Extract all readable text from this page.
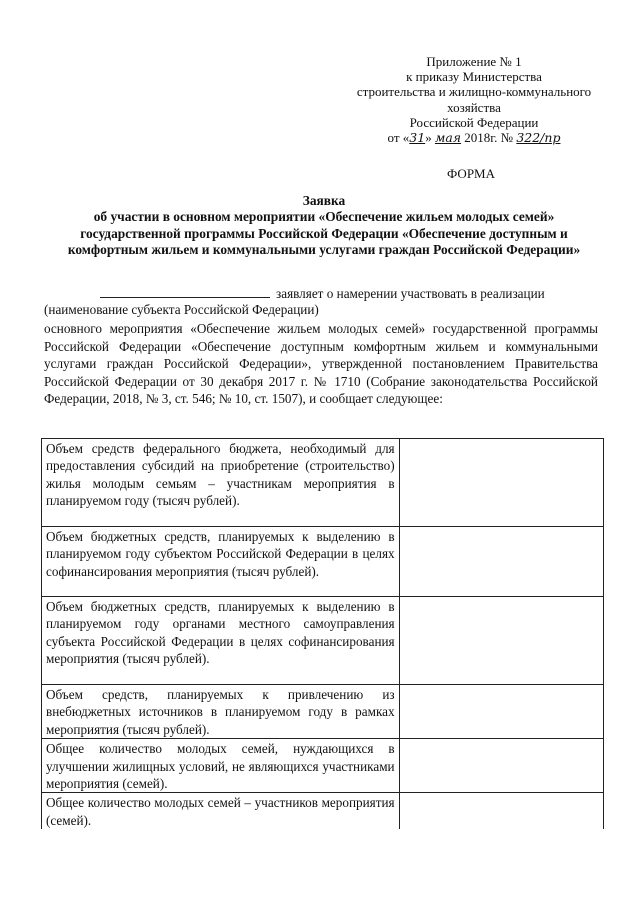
Приложение № 1
к приказу Министерства
строительства и жилищно-коммунального
хозяйства
Российской Федерации
от «31» мая 2018г. № 322/пр
ФОРМА
Заявка
об участии в основном мероприятии «Обеспечение жильем молодых семей» государственной программы Российской Федерации «Обеспечение доступным и комфортным жильем и коммунальными услугами граждан Российской Федерации»
заявляет о намерении участвовать в реализации
(наименование субъекта Российской Федерации)
основного мероприятия «Обеспечение жильем молодых семей» государственной программы Российской Федерации «Обеспечение доступным комфортным жильем и коммунальными услугами граждан Российской Федерации», утвержденной постановлением Правительства Российской Федерации от 30 декабря 2017 г. № 1710 (Собрание законодательства Российской Федерации, 2018, № 3, ст. 546; № 10, ст. 1507), и сообщает следующее:
Объем средств федерального бюджета, необходимый для предоставления субсидий на приобретение (строительство) жилья молодым семьям – участникам мероприятия в планируемом году (тысяч рублей).	
Объем бюджетных средств, планируемых к выделению в планируемом году субъектом Российской Федерации в целях софинансирования мероприятия (тысяч рублей).	
Объем бюджетных средств, планируемых к выделению в планируемом году органами местного самоуправления субъекта Российской Федерации в целях софинансирования мероприятия (тысяч рублей).	
Объем средств, планируемых к привлечению из внебюджетных источников в планируемом году в рамках мероприятия (тысяч рублей).	
Общее количество молодых семей, нуждающихся в улучшении жилищных условий, не являющихся участниками мероприятия (семей).	
Общее количество молодых семей – участников мероприятия (семей).	
